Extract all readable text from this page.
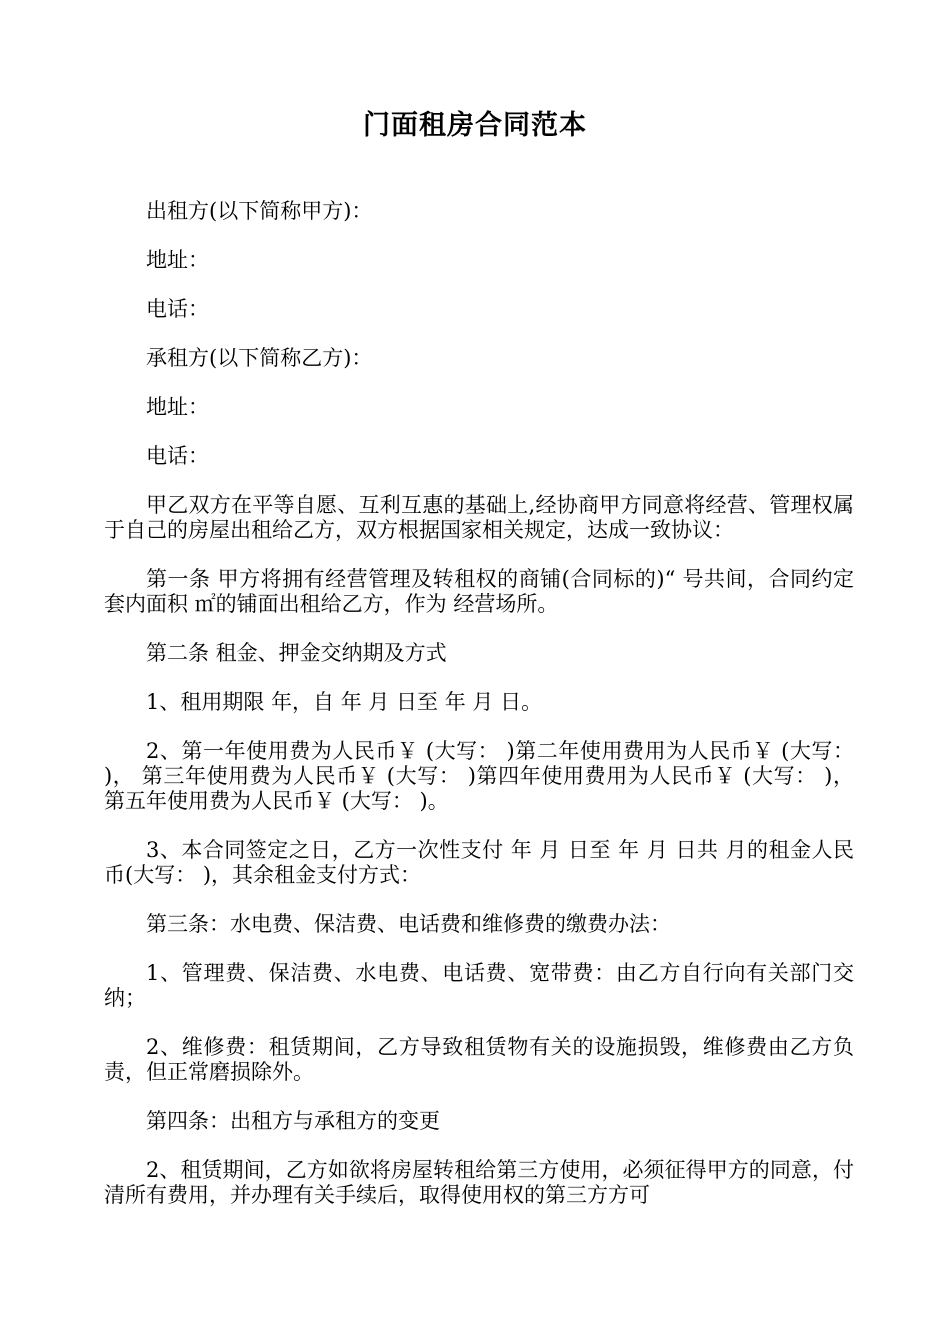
门面租房合同范本

出租方(以下简称甲方)：

地址：

电话：

承租方(以下简称乙方)：

地址：

电话：

甲乙双方在平等自愿、互利互惠的基础上,经协商甲方同意将经营、管理权属于自己的房屋出租给乙方，双方根据国家相关规定，达成一致协议：

第一条 甲方将拥有经营管理及转租权的商铺(合同标的)“ 号共间，合同约定套内面积 ㎡的铺面出租给乙方，作为 经营场所。

第二条 租金、押金交纳期及方式

1、租用期限 年，自 年 月 日至 年 月 日。

2、第一年使用费为人民币￥ (大写： )第二年使用费用为人民币￥ (大写： )， 第三年使用费为人民币￥ (大写： )第四年使用费用为人民币￥ (大写： )， 第五年使用费为人民币￥ (大写： )。

3、本合同签定之日，乙方一次性支付 年 月 日至 年 月 日共 月的租金人民币(大写： )，其余租金支付方式：

第三条：水电费、保洁费、电话费和维修费的缴费办法：

1、管理费、保洁费、水电费、电话费、宽带费：由乙方自行向有关部门交纳；

2、维修费：租赁期间，乙方导致租赁物有关的设施损毁，维修费由乙方负责，但正常磨损除外。

第四条：出租方与承租方的变更

2、租赁期间，乙方如欲将房屋转租给第三方使用，必须征得甲方的同意，付清所有费用，并办理有关手续后，取得使用权的第三方方可
